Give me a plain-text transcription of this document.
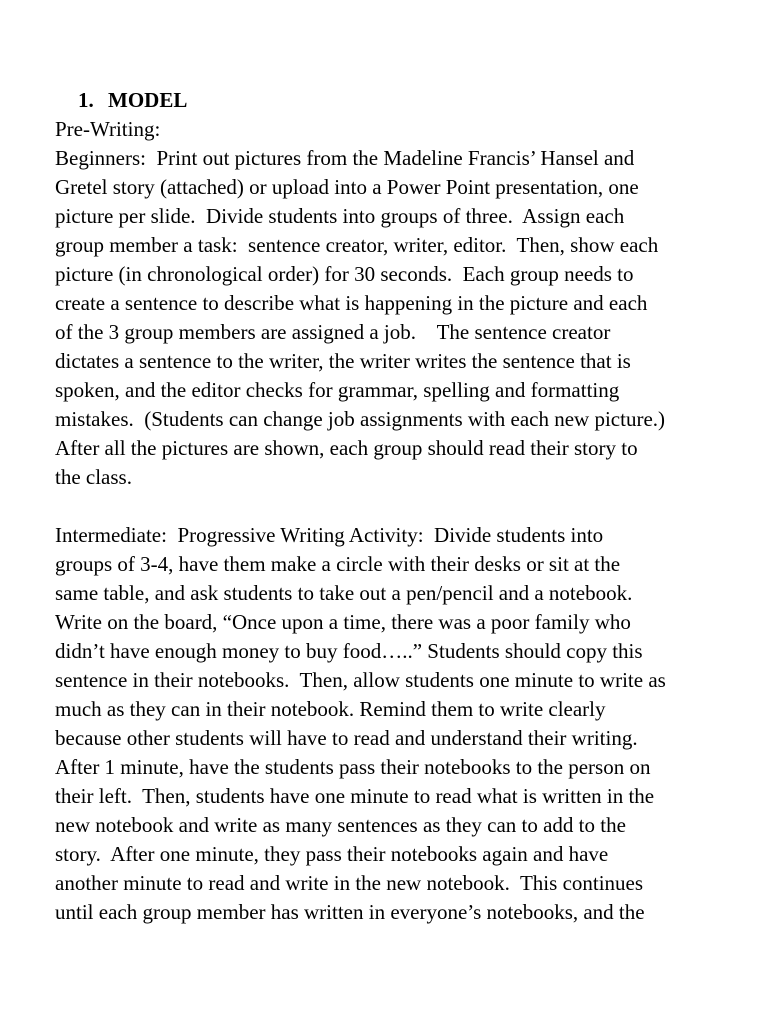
1. MODEL

Pre-Writing:

Beginners:  Print out pictures from the Madeline Francis’ Hansel and
Gretel story (attached) or upload into a Power Point presentation, one
picture per slide.  Divide students into groups of three.  Assign each
group member a task:  sentence creator, writer, editor.  Then, show each
picture (in chronological order) for 30 seconds.  Each group needs to
create a sentence to describe what is happening in the picture and each
of the 3 group members are assigned a job.    The sentence creator
dictates a sentence to the writer, the writer writes the sentence that is
spoken, and the editor checks for grammar, spelling and formatting
mistakes.  (Students can change job assignments with each new picture.)
After all the pictures are shown, each group should read their story to
the class.
Intermediate:  Progressive Writing Activity:  Divide students into
groups of 3-4, have them make a circle with their desks or sit at the
same table, and ask students to take out a pen/pencil and a notebook.
Write on the board, “Once upon a time, there was a poor family who
didn’t have enough money to buy food…..” Students should copy this
sentence in their notebooks.  Then, allow students one minute to write as
much as they can in their notebook. Remind them to write clearly
because other students will have to read and understand their writing.
After 1 minute, have the students pass their notebooks to the person on
their left.  Then, students have one minute to read what is written in the
new notebook and write as many sentences as they can to add to the
story.  After one minute, they pass their notebooks again and have
another minute to read and write in the new notebook.  This continues
until each group member has written in everyone’s notebooks, and the
